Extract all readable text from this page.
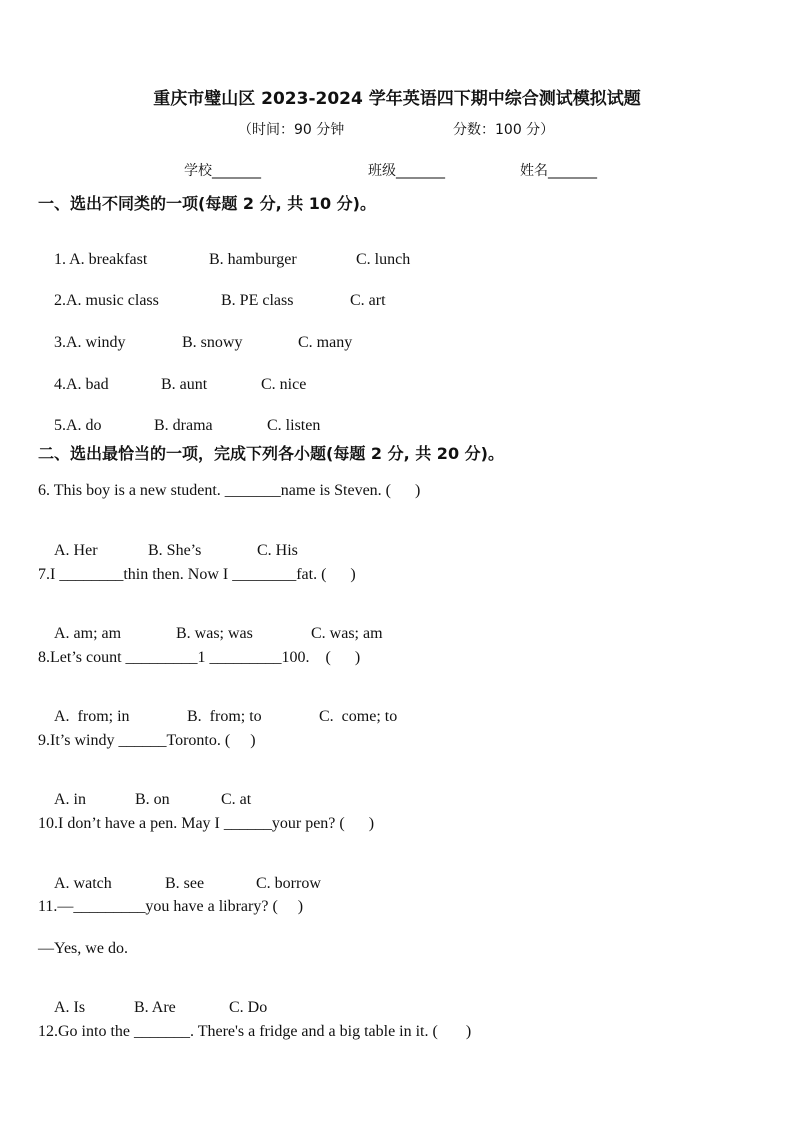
重庆市璧山区 2023-2024 学年英语四下期中综合测试模拟试题
（时间：90 分钟	分数：100 分）
学校_______	班级_______	姓名_______
一、选出不同类的一项(每题 2 分, 共 10 分)。

1. A. breakfast	B. hamburger	C. lunch

2.A. music class	B. PE class	C. art

3.A. windy	B. snowy	C. many

4.A. bad	B. aunt	C. nice

5.A. do	B. drama	C. listen

二、选出最恰当的一项，完成下列各小题(每题 2 分, 共 20 分)。
6. This boy is a new student. _______name is Steven. (      )

A. Her	B. She’s	C. His

7.I ________thin then. Now I ________fat. (      )

A. am; am	B. was; was	C. was; am

8.Let’s count _________1 _________100.    (      )

A.  from; in	B.  from; to	C.  come; to

9.It’s windy ______Toronto. (     )

A. in	B. on	C. at

10.I don’t have a pen. May I ______your pen? (      )

A. watch	B. see	C. borrow

11.—_________you have a library? (     )
—Yes, we do.

A. Is	B. Are	C. Do

12.Go into the _______. There's a fridge and a big table in it. (       )
